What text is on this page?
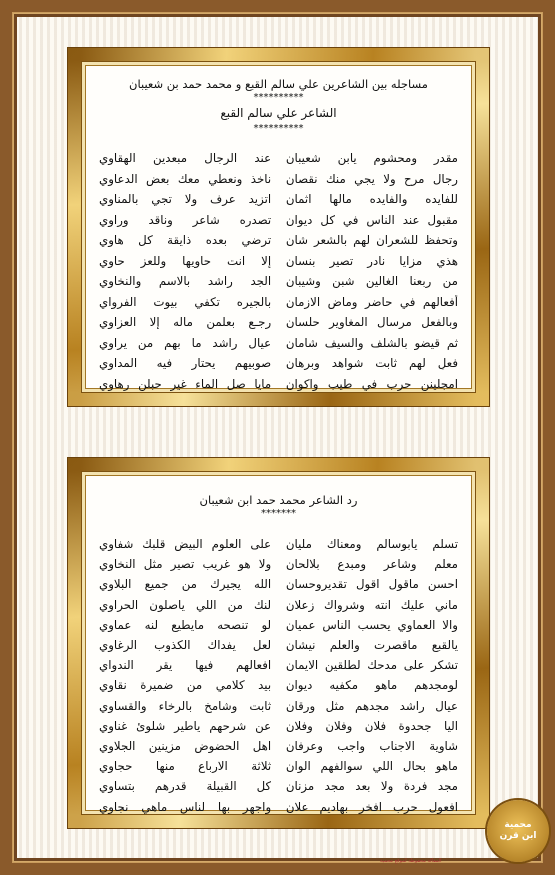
مساجله بين الشاعرين علي سالم القبع و محمد حمد بن شعيبان
**********
الشاعر علي سالم القبع
**********
مقدر ومحشوم يابن شعيبان
عند الرجال مبعدين الهقاوي
رجال مرح ولا يجي منك نقصان
ناخذ ونعطي معك بعض الدعاوي
للفايده والفايده مالها اثمان
اتزيد عرف ولا تجي بالمناوي
مقبول عند الناس في كل ديوان
تصدره شاعر وناقد وراوي
وتحفظ للشعران لهم بالشعر شان
ترضي بعده ذايقة كل هاوي
هذي مزايا نادر تصير بنسان
إلا انت حاويها وللعز حاوي
من ربعنا الغالين شبن وشيبان
الجد راشد بالاسم والنخاوي
أفعالهم في حاضر وماض الازمان
بالجيره تكفي بيوت الفرواي
وبالفعل مرسال المغاوير حلسان
رجـع بعلمن ماله إلا العزاوي
ثم قيضو بالشلف والسيف شامان
عيال راشد ما بهم من يراوي
فعلٍ لهم ثابت شواهد وبرهان
صوبيهم يحتار فيه المداوي
امجلينن حرب في طيب واكوان
مايا صل الماء غير حبلن رهاوي
رد الشاعر محمد حمد ابن شعيبان
*******
تسلم يابوسالم ومعناك مليان
على العلوم البيض قلبك شفاوي
معلم وشاعر ومبدع بلالحان
ولا هو غريب تصير مثل النخاوي
احسن ماقول اقول تقديروحسان
الله يجيرك من جميع البلاوي
ماني عليك انته وشرواك زعلان
لنك من اللي ياصلون الحراوي
والا العماوي يحسب الناس عميان
لو تنصحه مايطيع لنه عماوي
يالقبع ماقصرت والعلم نيشان
لعل يفداك الكذوب الرغاوي
تشكر على مدحك لطلقين الايمان
افعالهم فيها يقر الندواي
لومجدهم ماهو مكفيه ديوان
بيد كلامي من ضميرة نقاوي
عيال راشد مجدهم مثل ورقان
ثابت وشامخ بالرخاء والقساوي
اليا جحدوة فلان وفلان وفلان
عن شرحهم ياطير شلوئ غناوي
شاوية الاجناب واجب وعرفان
اهل الحضوض مزينين الجلاوي
ماهو بحال اللي سوالفهم الوان
ثلاثة الارباع منها حجاوي
مجد فردة ولا بعد مجد مزنان
كل القبيلة قدرهم بتساوي
افعول حرب افخر بهاديم علان
واجهر بها لناس ماهي نجاوي
محمية
ابن قرن
المقالة محفوظة لموقع محمية
